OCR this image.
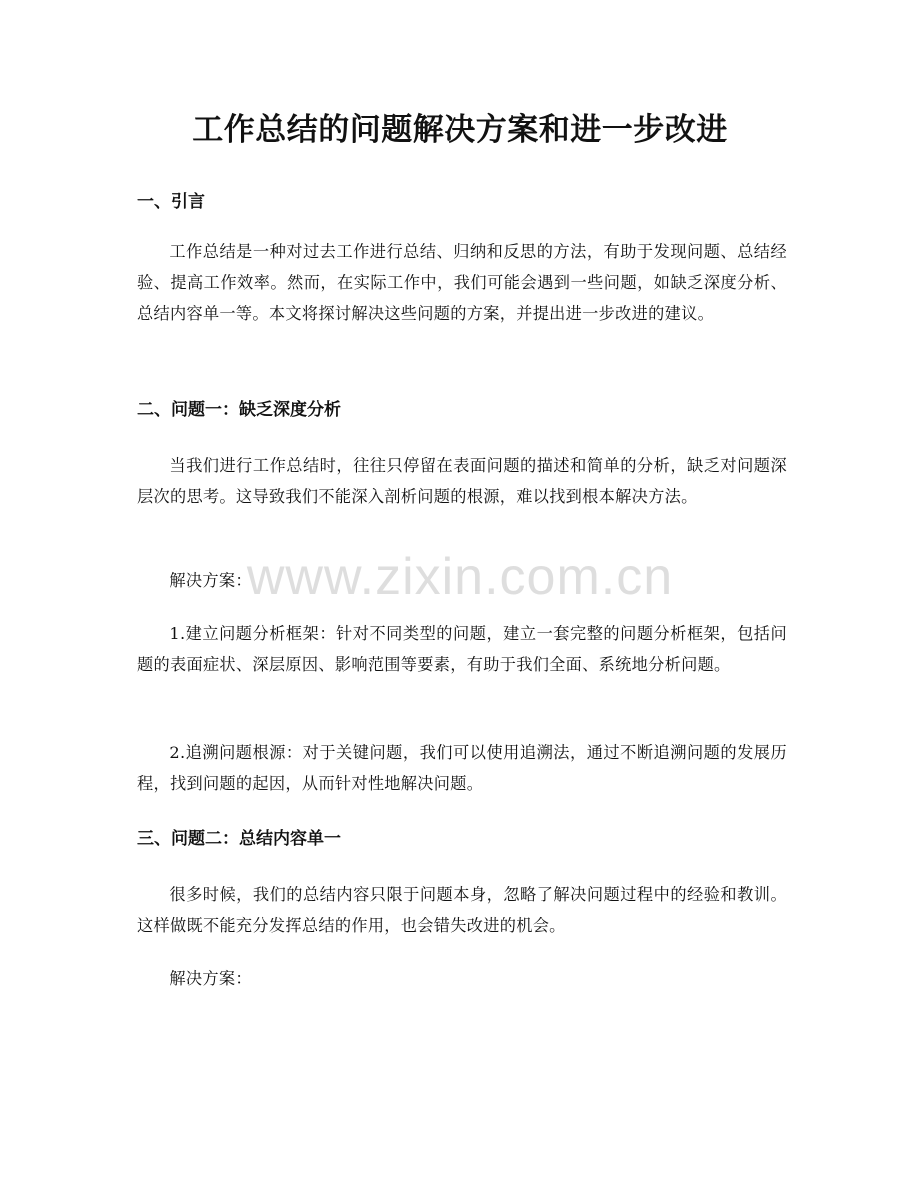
工作总结的问题解决方案和进一步改进
一、引言

工作总结是一种对过去工作进行总结、归纳和反思的方法，有助于发现问题、总结经验、提高工作效率。然而，在实际工作中，我们可能会遇到一些问题，如缺乏深度分析、总结内容单一等。本文将探讨解决这些问题的方案，并提出进一步改进的建议。

二、问题一：缺乏深度分析

当我们进行工作总结时，往往只停留在表面问题的描述和简单的分析，缺乏对问题深层次的思考。这导致我们不能深入剖析问题的根源，难以找到根本解决方法。

解决方案：

1.建立问题分析框架：针对不同类型的问题，建立一套完整的问题分析框架，包括问题的表面症状、深层原因、影响范围等要素，有助于我们全面、系统地分析问题。

2.追溯问题根源：对于关键问题，我们可以使用追溯法，通过不断追溯问题的发展历程，找到问题的起因，从而针对性地解决问题。

三、问题二：总结内容单一

很多时候，我们的总结内容只限于问题本身，忽略了解决问题过程中的经验和教训。这样做既不能充分发挥总结的作用，也会错失改进的机会。

解决方案：

www.zixin.com.cn
